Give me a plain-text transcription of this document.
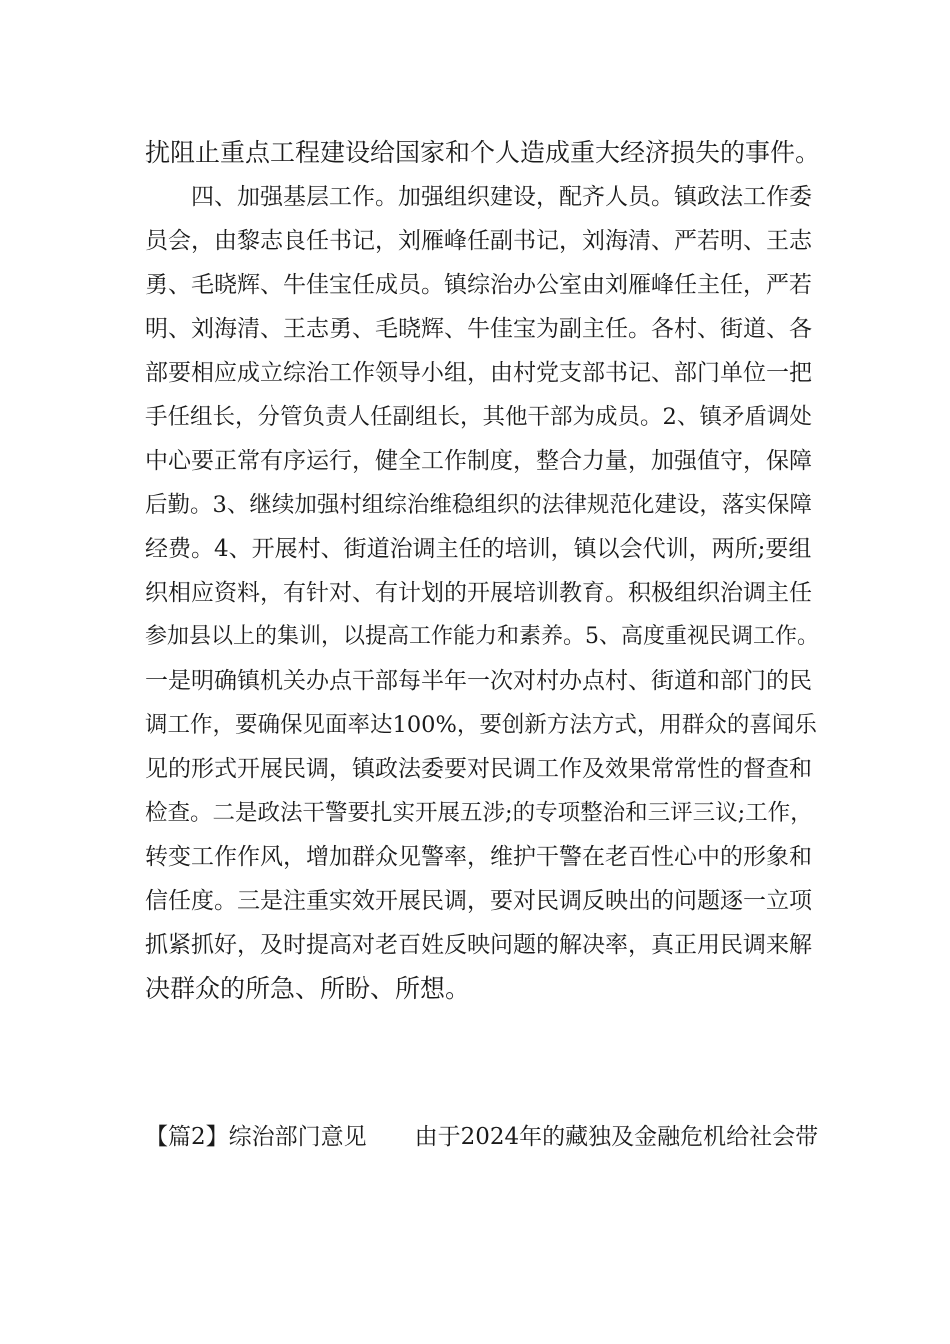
扰阻止重点工程建设给国家和个人造成重大经济损失的事件。
四、加强基层工作。加强组织建设，配齐人员。镇政法工作委
员会，由黎志良任书记，刘雁峰任副书记，刘海清、严若明、王志
勇、毛晓辉、牛佳宝任成员。镇综治办公室由刘雁峰任主任，严若
明、刘海清、王志勇、毛晓辉、牛佳宝为副主任。各村、街道、各
部要相应成立综治工作领导小组，由村党支部书记、部门单位一把
手任组长，分管负责人任副组长，其他干部为成员。2、镇矛盾调处
中心要正常有序运行，健全工作制度，整合力量，加强值守，保障
后勤。3、继续加强村组综治维稳组织的法律规范化建设，落实保障
经费。4、开展村、街道治调主任的培训，镇以会代训，两所;要组
织相应资料，有针对、有计划的开展培训教育。积极组织治调主任
参加县以上的集训，以提高工作能力和素养。5、高度重视民调工作。
一是明确镇机关办点干部每半年一次对村办点村、街道和部门的民
调工作，要确保见面率达100%，要创新方法方式，用群众的喜闻乐
见的形式开展民调，镇政法委要对民调工作及效果常常性的督查和
检查。二是政法干警要扎实开展五涉;的专项整治和三评三议;工作，
转变工作作风，增加群众见警率，维护干警在老百性心中的形象和
信任度。三是注重实效开展民调，要对民调反映出的问题逐一立项
抓紧抓好，及时提高对老百姓反映问题的解决率，真正用民调来解
决群众的所急、所盼、所想。
【篇2】综治部门意见 由于2024年的藏独及金融危机给社会带
